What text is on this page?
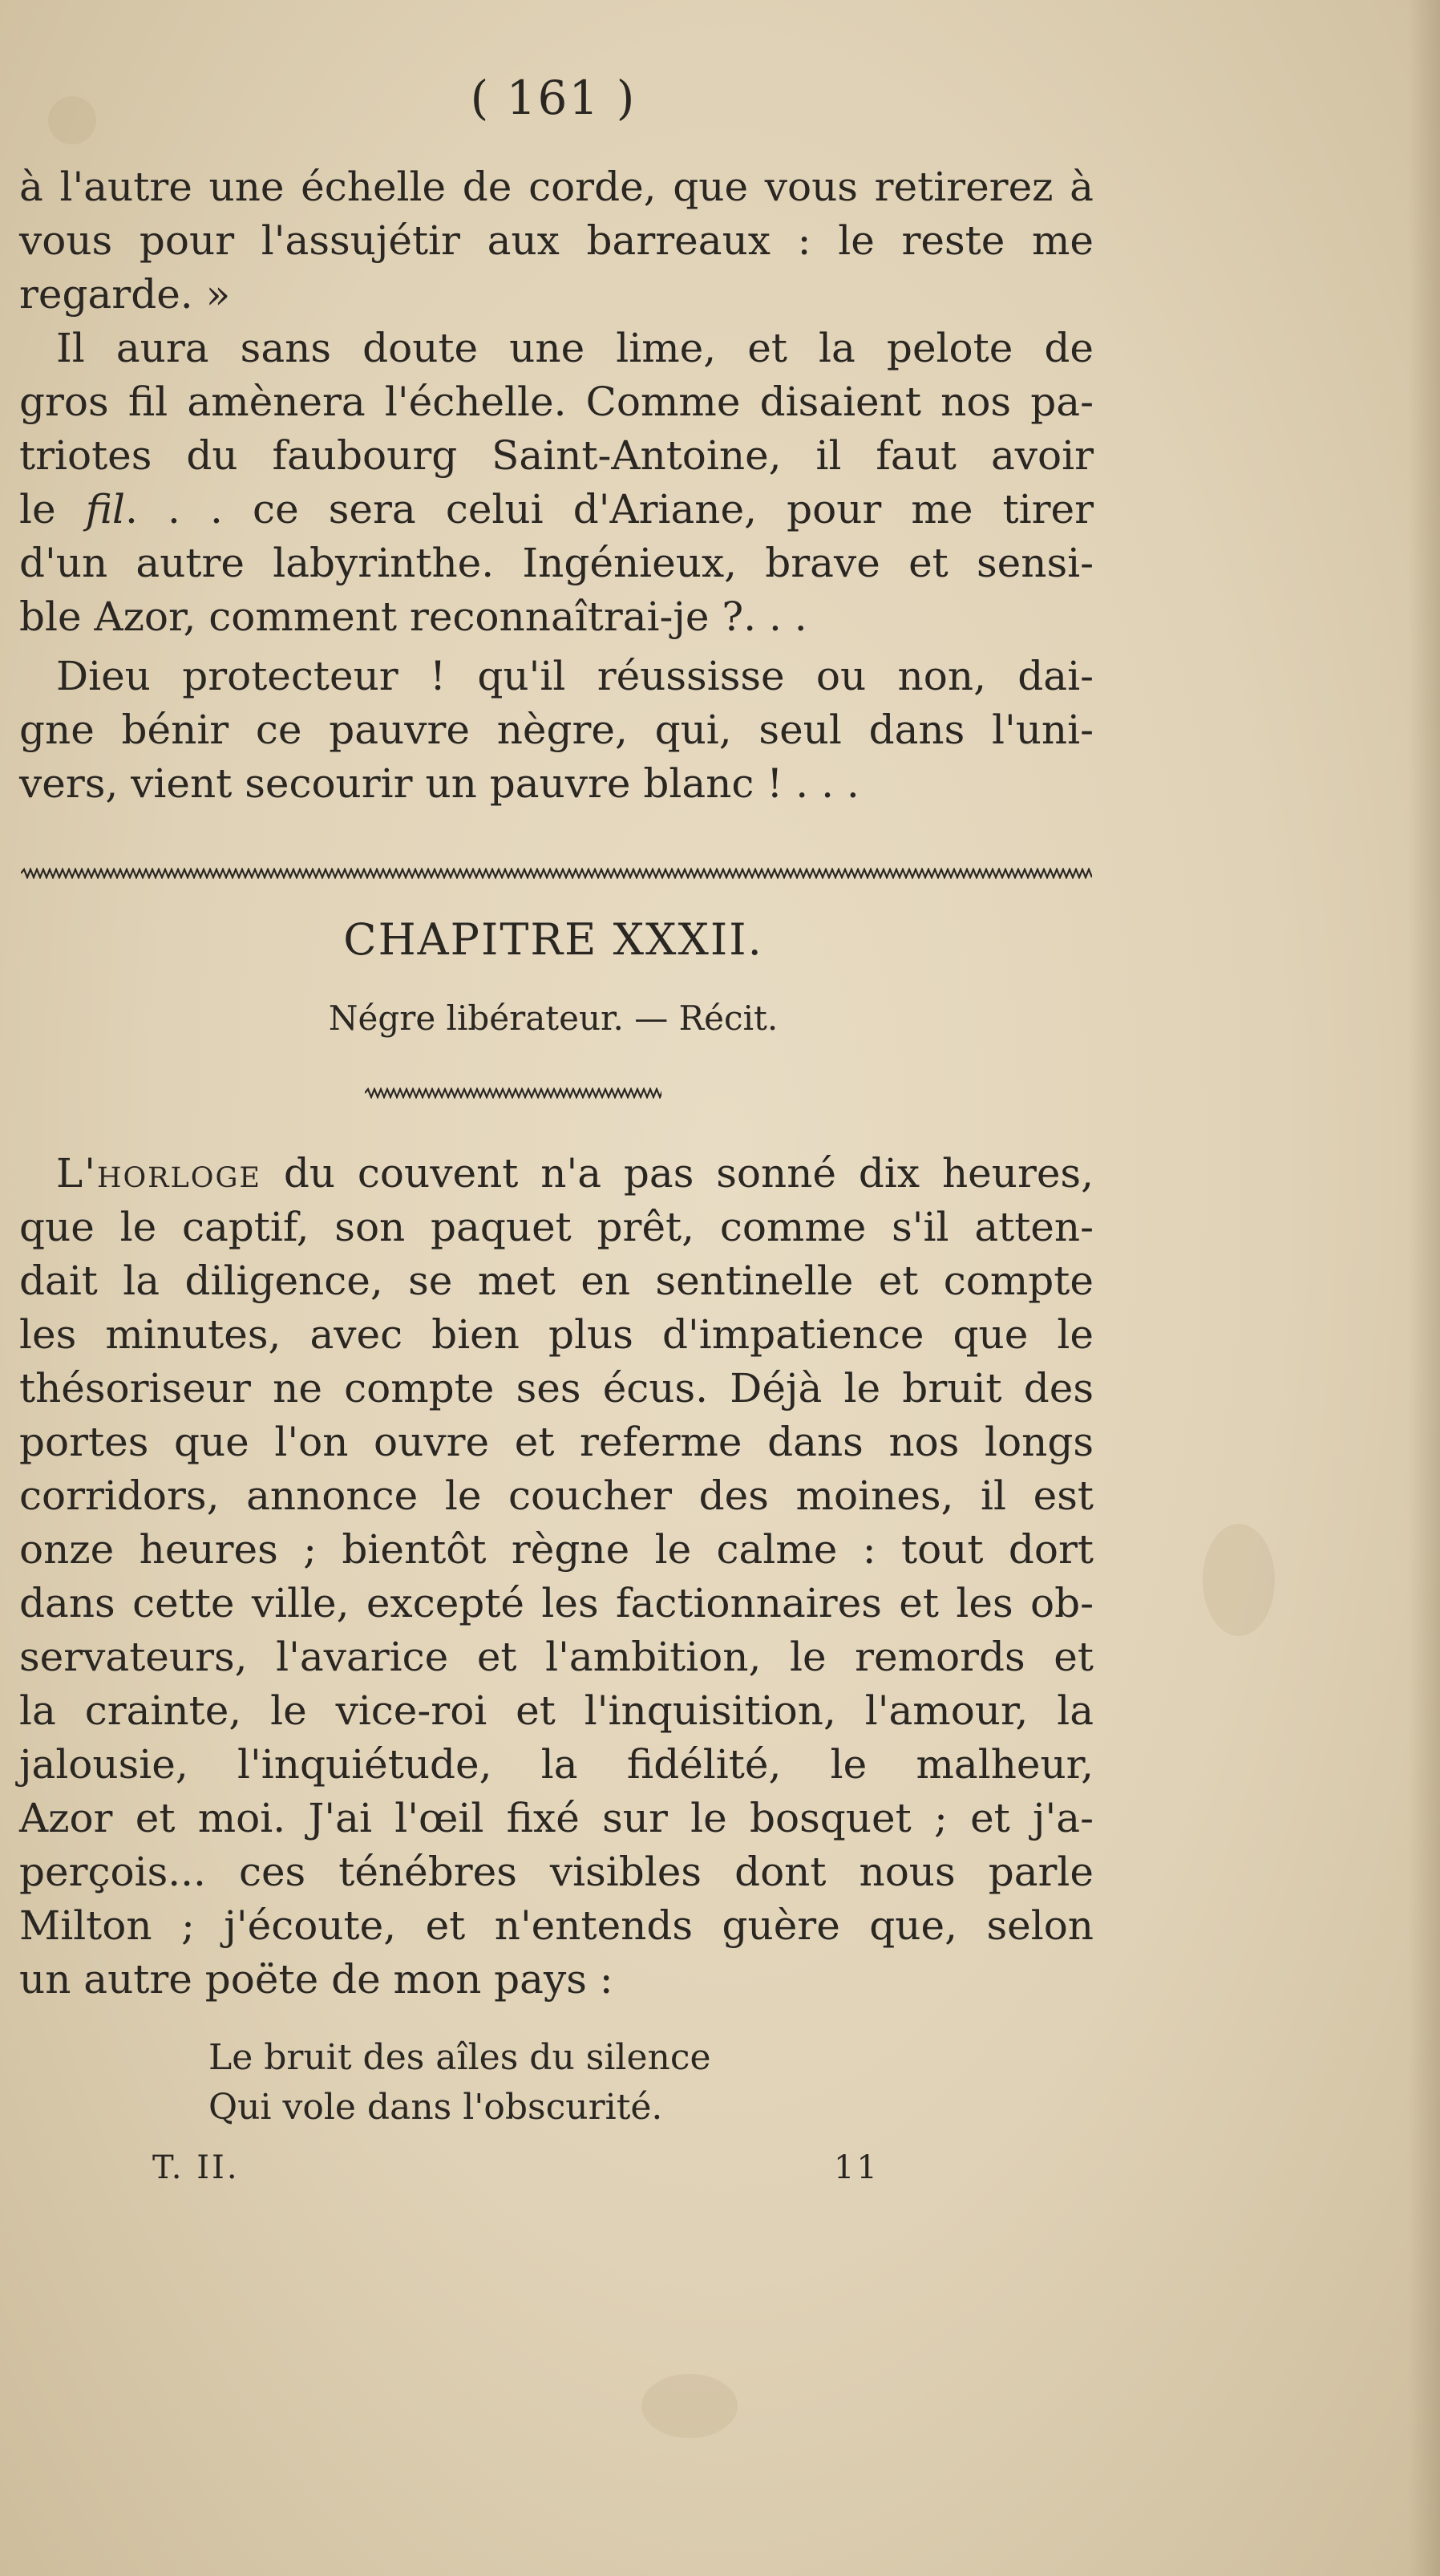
( 161 )
à l'autre une échelle de corde, que vous retirerez à
vous pour l'assujétir aux barreaux : le reste me
regarde. »
Il aura sans doute une lime, et la pelote de
gros fil amènera l'échelle. Comme disaient nos pa-
triotes du faubourg Saint-Antoine, il faut avoir
le fil. . . ce sera celui d'Ariane, pour me tirer
d'un autre labyrinthe. Ingénieux, brave et sensi-
ble Azor, comment reconnaîtrai-je ?. . .
Dieu protecteur ! qu'il réussisse ou non, dai-
gne bénir ce pauvre nègre, qui, seul dans l'uni-
vers, vient secourir un pauvre blanc ! . . .
CHAPITRE XXXII.
Négre libérateur. — Récit.
L'horloge du couvent n'a pas sonné dix heures,
que le captif, son paquet prêt, comme s'il atten-
dait la diligence, se met en sentinelle et compte
les minutes, avec bien plus d'impatience que le
thésoriseur ne compte ses écus. Déjà le bruit des
portes que l'on ouvre et referme dans nos longs
corridors, annonce le coucher des moines, il est
onze heures ; bientôt règne le calme : tout dort
dans cette ville, excepté les factionnaires et les ob-
servateurs, l'avarice et l'ambition, le remords et
la crainte, le vice-roi et l'inquisition, l'amour, la
jalousie, l'inquiétude, la fidélité, le malheur,
Azor et moi. J'ai l'œil fixé sur le bosquet ; et j'a-
perçois... ces ténébres visibles dont nous parle
Milton ; j'écoute, et n'entends guère que, selon
un autre poëte de mon pays :
Le bruit des aîles du silence
Qui vole dans l'obscurité.
T. II.	11
